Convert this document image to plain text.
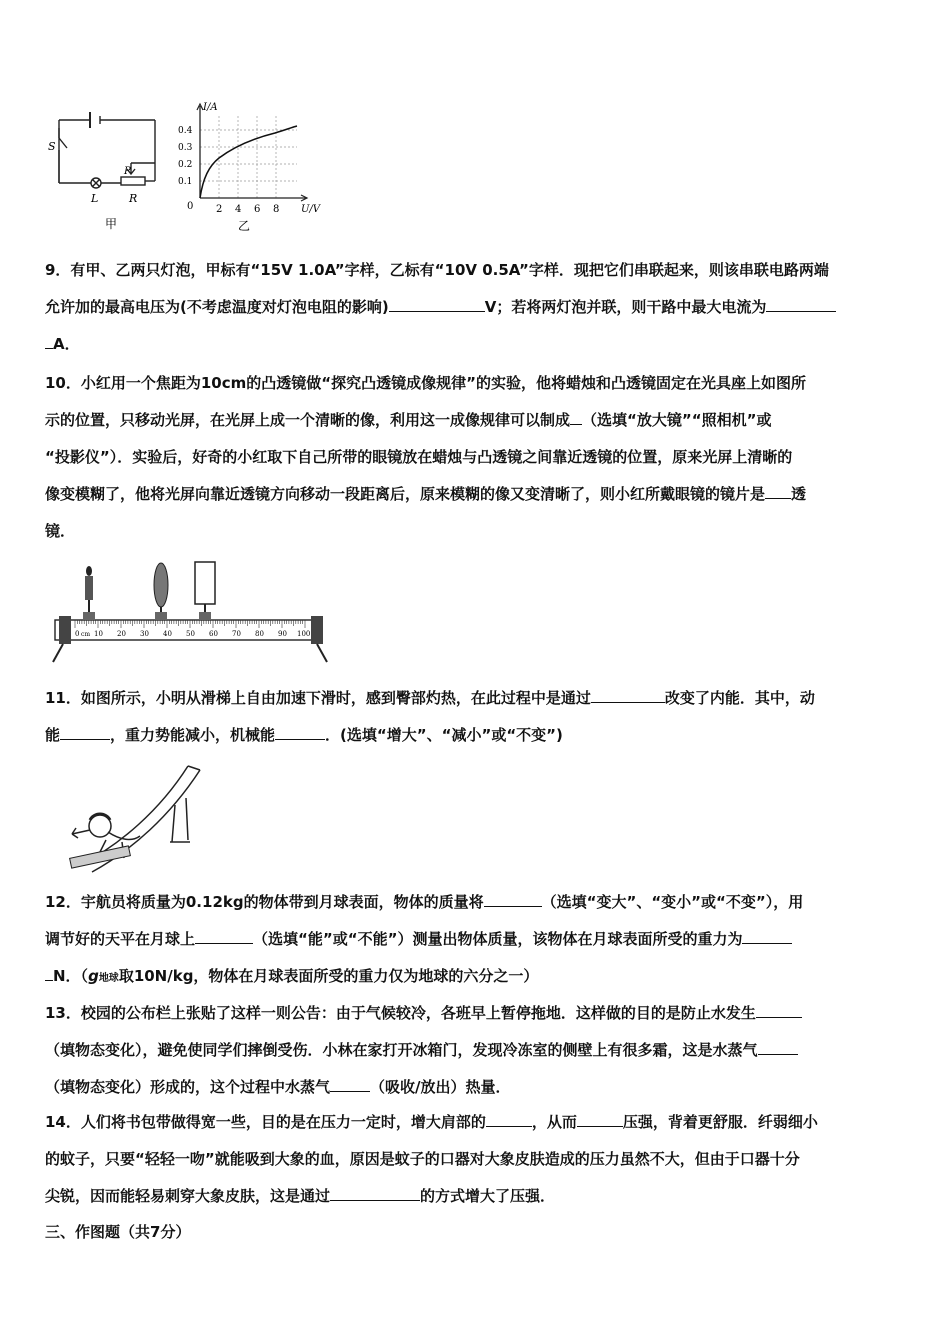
S
P
L	R
甲
I/A
U/V
0
0.4
0.3
0.2
0.1
2 4 6 8
乙

9．有甲、乙两只灯泡，甲标有“15V 1.0A”字样，乙标有“10V 0.5A”字样．现把它们串联起来，则该串联电路两端

允许加的最高电压为(不考虑温度对灯泡电阻的影响)	V；若将两灯泡并联，则干路中最大电流为

A．

10．小红用一个焦距为10cm的凸透镜做“探究凸透镜成像规律”的实验，他将蜡烛和凸透镜固定在光具座上如图所

示的位置，只移动光屏，在光屏上成一个清晰的像，利用这一成像规律可以制成 （选填“放大镜”“照相机”或

“投影仪”）．实验后，好奇的小红取下自己所带的眼镜放在蜡烛与凸透镜之间靠近透镜的位置，原来光屏上清晰的

像变模糊了，他将光屏向靠近透镜方向移动一段距离后，原来模糊的像又变清晰了，则小红所戴眼镜的镜片是 透

镜．

0 cm 10 20 30 40 50 60 70 80 90 100

11．如图所示，小明从滑梯上自由加速下滑时，感到臀部灼热，在此过程中是通过	改变了内能．其中，动

能	，重力势能减小，机械能	．(选填“增大”、“减小”或“不变”)

12．宇航员将质量为0.12kg的物体带到月球表面，物体的质量将	（选填“变大”、“变小”或“不变”），用

调节好的天平在月球上	（选填“能”或“不能”）测量出物体质量，该物体在月球表面所受的重力为

N．（g地球取10N/kg，物体在月球表面所受的重力仅为地球的六分之一）

13．校园的公布栏上张贴了这样一则公告：由于气候较冷，各班早上暂停拖地．这样做的目的是防止水发生

（填物态变化），避免使同学们摔倒受伤．小林在家打开冰箱门，发现冷冻室的侧壁上有很多霜，这是水蒸气

（填物态变化）形成的，这个过程中水蒸气	（吸收/放出）热量．

14．人们将书包带做得宽一些，目的是在压力一定时，增大肩部的	，从而	压强，背着更舒服．纤弱细小

的蚊子，只要“轻轻一吻”就能吸到大象的血，原因是蚊子的口器对大象皮肤造成的压力虽然不大，但由于口器十分

尖锐，因而能轻易刺穿大象皮肤，这是通过	的方式增大了压强．

三、作图题（共7分）
